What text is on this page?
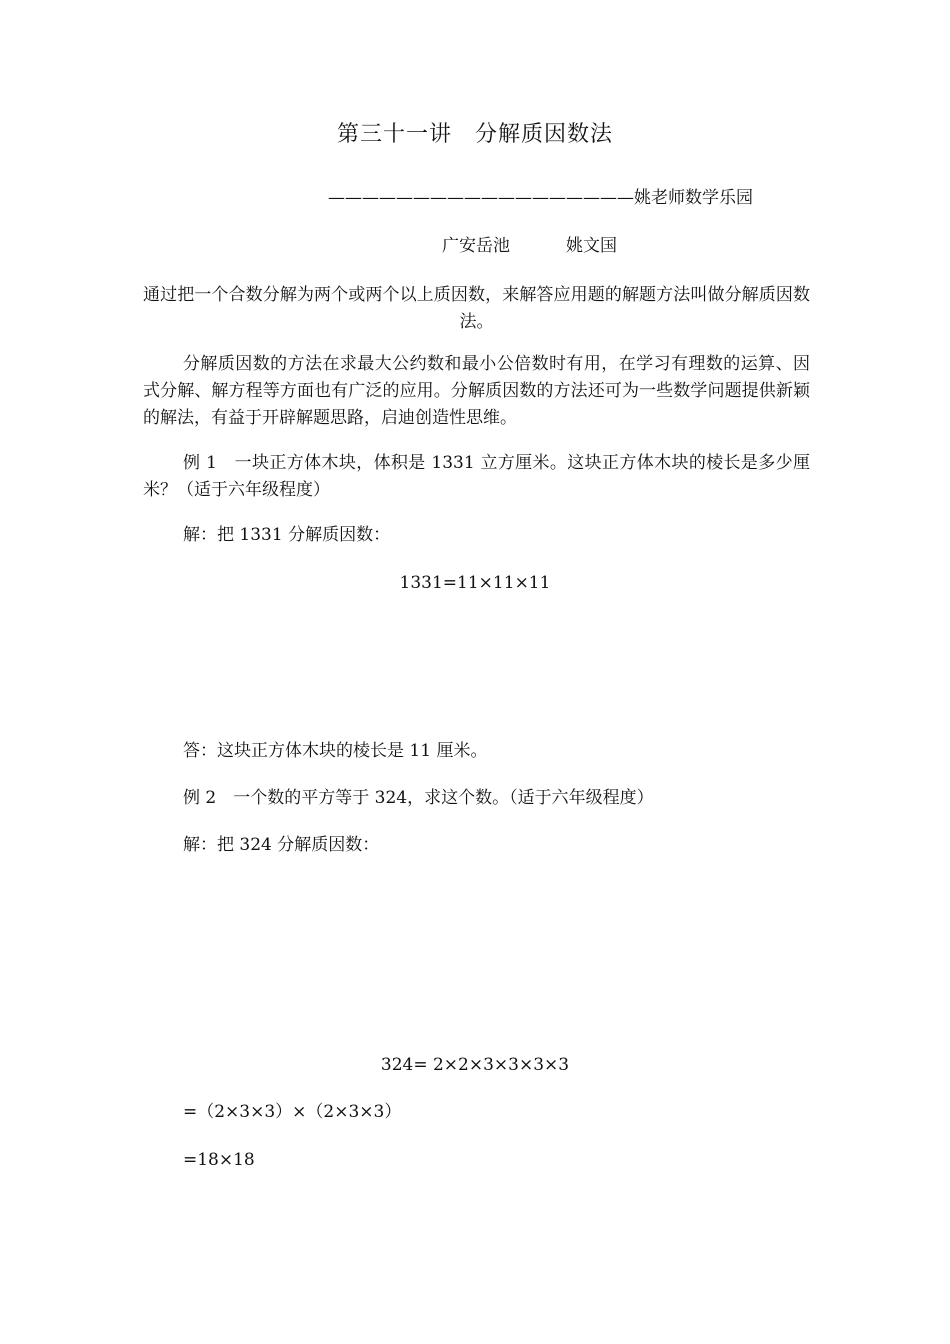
第三十一讲　分解质因数法
——————————————————姚老师数学乐园
广安岳池	姚文国
通过把一个合数分解为两个或两个以上质因数，来解答应用题的解题方法叫做分解质因数法。
分解质因数的方法在求最大公约数和最小公倍数时有用，在学习有理数的运算、因式分解、解方程等方面也有广泛的应用。分解质因数的方法还可为一些数学问题提供新颖的解法，有益于开辟解题思路，启迪创造性思维。
例 1　一块正方体木块，体积是 1331 立方厘米。这块正方体木块的棱长是多少厘米？（适于六年级程度）
解：把 1331 分解质因数：
1331=11×11×11
答：这块正方体木块的棱长是 11 厘米。
例 2　一个数的平方等于 324，求这个数。（适于六年级程度）
解：把 324 分解质因数：
324= 2×2×3×3×3×3
=（2×3×3）×（2×3×3）
=18×18
